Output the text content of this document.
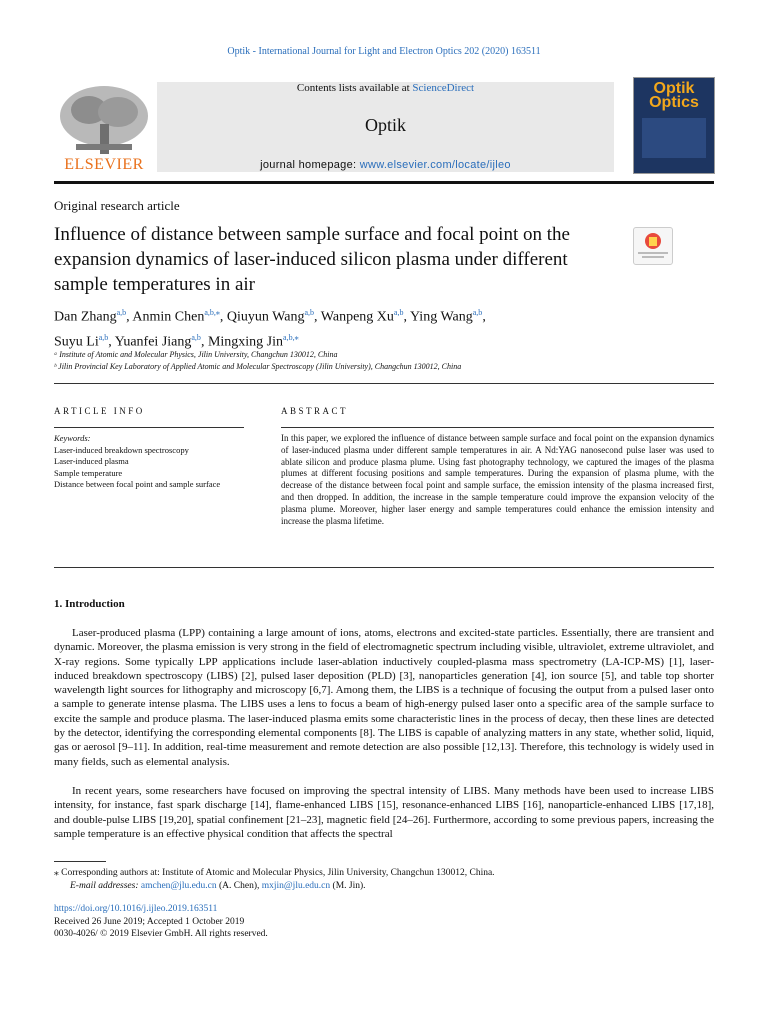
Optik - International Journal for Light and Electron Optics 202 (2020) 163511
ELSEVIER
Contents lists available at ScienceDirect
Optik
journal homepage: www.elsevier.com/locate/ijleo
Optik
Optics
Original research article
Influence of distance between sample surface and focal point on the expansion dynamics of laser-induced silicon plasma under different sample temperatures in air
Dan Zhang$^{a,b}$, Anmin Chen$^{a,b,⁎}$, Qiuyun Wang$^{a,b}$, Wanpeng Xu$^{a,b}$, Ying Wang$^{a,b}$,
Suyu Li$^{a,b}$, Yuanfei Jiang$^{a,b}$, Mingxing Jin$^{a,b,⁎}$
ᵃ Institute of Atomic and Molecular Physics, Jilin University, Changchun 130012, China
ᵇ Jilin Provincial Key Laboratory of Applied Atomic and Molecular Spectroscopy (Jilin University), Changchun 130012, China
ARTICLE INFO	ABSTRACT
Keywords:
Laser-induced breakdown spectroscopy
Laser-induced plasma
Sample temperature
Distance between focal point and sample surface
In this paper, we explored the influence of distance between sample surface and focal point on the expansion dynamics of laser-induced plasma under different sample temperatures in air. A Nd:YAG nanosecond pulse laser was used to ablate silicon and produce plasma plume. Using fast photography technology, we captured the images of the plasma plumes at different focusing positions and sample temperatures. During the expansion of plasma plume, with the decrease of the distance between focal point and sample surface, the emission intensity of the plasma increased first, and then dropped. In addition, the increase in the sample temperature could improve the expansion velocity of the plasma plume. Moreover, higher laser energy and sample temperatures could enhance the emission intensity and increase the plasma lifetime.
1. Introduction
Laser-produced plasma (LPP) containing a large amount of ions, atoms, electrons and excited-state particles. Essentially, there are transient and dynamic. Moreover, the plasma emission is very strong in the field of electromagnetic spectrum including visible, ultraviolet, extreme ultraviolet, and X-ray regions. Some typically LPP applications include laser-ablation inductively coupled-plasma mass spectrometry (LA-ICP-MS) [1], laser-induced breakdown spectroscopy (LIBS) [2], pulsed laser deposition (PLD) [3], nanoparticles generation [4], ion source [5], and table top shorter wavelength light sources for lithography and microscopy [6,7]. Among them, the LIBS is a technique of focusing the output from a pulsed laser onto a sample to generate intense plasma. The LIBS uses a lens to focus a beam of high-energy pulsed laser onto a specific area of the sample surface to excite the sample and produce plasma. The laser-induced plasma emits some characteristic lines in the process of decay, then these lines are detected by the detector, identifying the corresponding elemental components [8]. The LIBS is capable of analyzing matters in any state, whether solid, liquid, gas or aerosol [9–11]. In addition, real-time measurement and remote detection are also possible [12,13]. Therefore, this technology is widely used in many fields, such as elemental analysis.
In recent years, some researchers have focused on improving the spectral intensity of LIBS. Many methods have been used to increase LIBS intensity, for instance, fast spark discharge [14], flame-enhanced LIBS [15], resonance-enhanced LIBS [16], nanoparticle-enhanced LIBS [17,18], and double-pulse LIBS [19,20], spatial confinement [21–23], magnetic field [24–26]. Furthermore, according to some previous papers, increasing the sample temperature is an effective physical condition that affects the spectral
⁎ Corresponding authors at: Institute of Atomic and Molecular Physics, Jilin University, Changchun 130012, China.
E-mail addresses: amchen@jlu.edu.cn (A. Chen), mxjin@jlu.edu.cn (M. Jin).
https://doi.org/10.1016/j.ijleo.2019.163511
Received 26 June 2019; Accepted 1 October 2019
0030-4026/ © 2019 Elsevier GmbH. All rights reserved.
